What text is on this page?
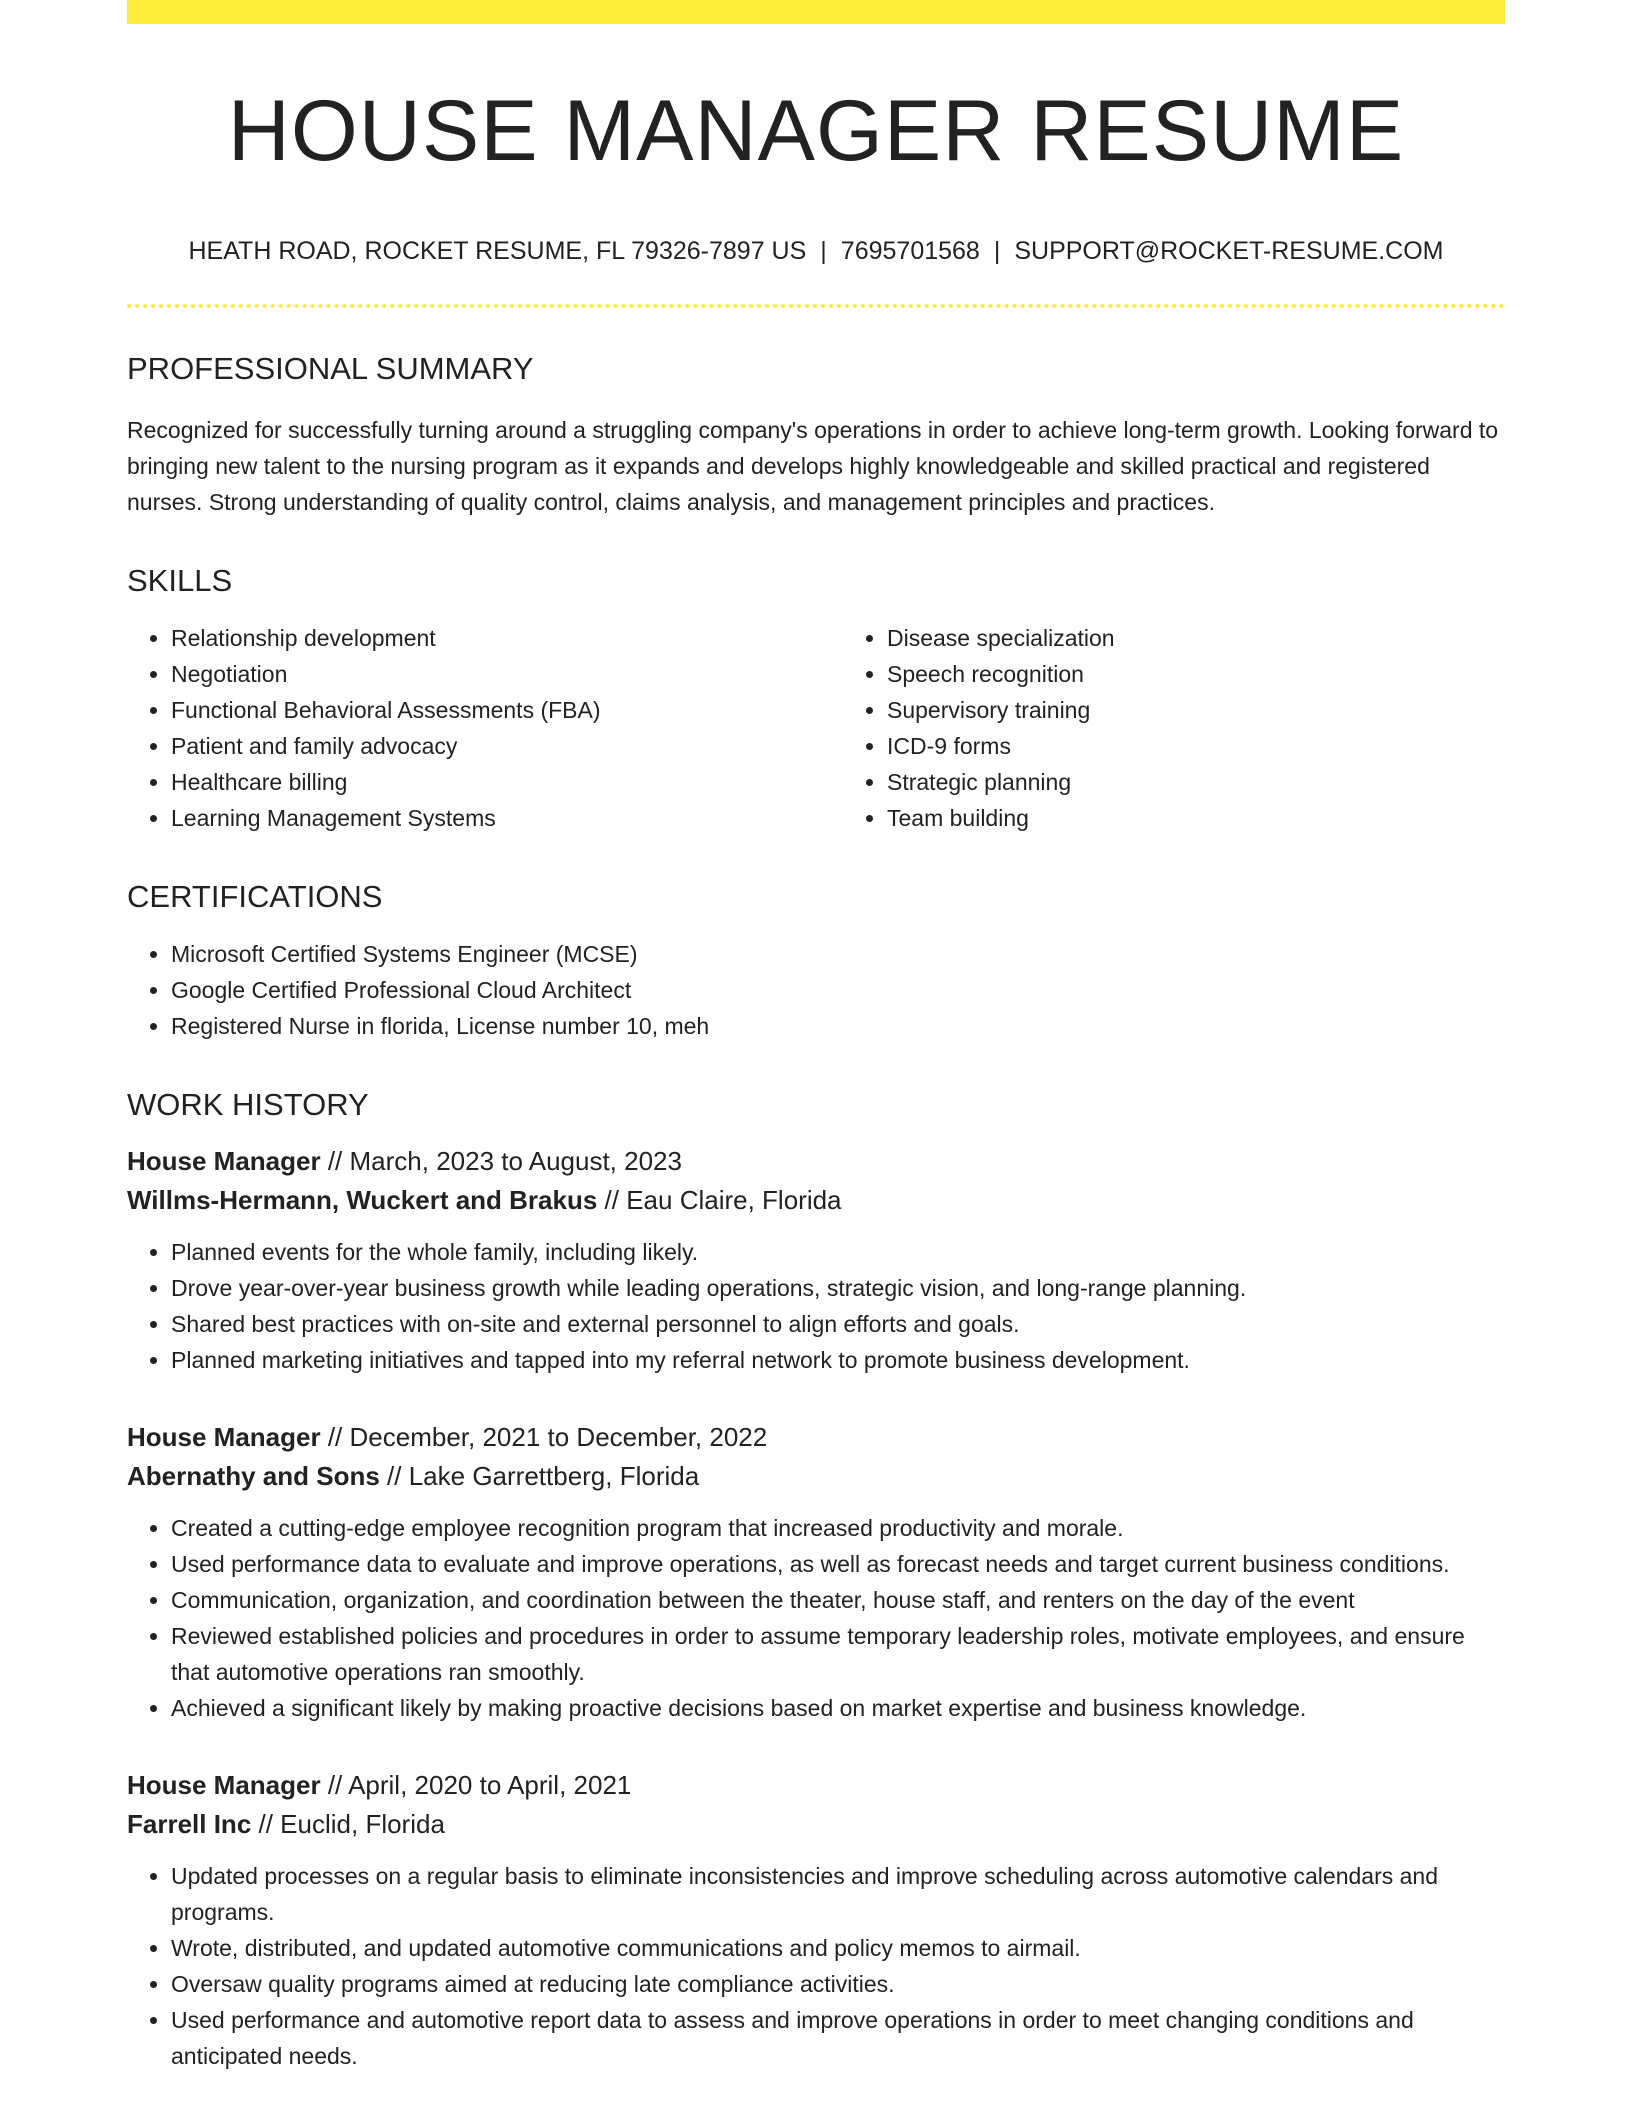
HOUSE MANAGER RESUME
HEATH ROAD, ROCKET RESUME, FL 79326-7897 US | 7695701568 | SUPPORT@ROCKET-RESUME.COM
PROFESSIONAL SUMMARY

Recognized for successfully turning around a struggling company's operations in order to achieve long-term growth. Looking forward to bringing new talent to the nursing program as it expands and develops highly knowledgeable and skilled practical and registered nurses. Strong understanding of quality control, claims analysis, and management principles and practices.

SKILLS
• Relationship development
• Negotiation
• Functional Behavioral Assessments (FBA)
• Patient and family advocacy
• Healthcare billing
• Learning Management Systems
• Disease specialization
• Speech recognition
• Supervisory training
• ICD-9 forms
• Strategic planning
• Team building
CERTIFICATIONS
• Microsoft Certified Systems Engineer (MCSE)
• Google Certified Professional Cloud Architect
• Registered Nurse in florida, License number 10, meh
WORK HISTORY
House Manager // March, 2023 to August, 2023
Willms-Hermann, Wuckert and Brakus // Eau Claire, Florida
• Planned events for the whole family, including likely.
• Drove year-over-year business growth while leading operations, strategic vision, and long-range planning.
• Shared best practices with on-site and external personnel to align efforts and goals.
• Planned marketing initiatives and tapped into my referral network to promote business development.
House Manager // December, 2021 to December, 2022
Abernathy and Sons // Lake Garrettberg, Florida
• Created a cutting-edge employee recognition program that increased productivity and morale.
• Used performance data to evaluate and improve operations, as well as forecast needs and target current business conditions.
• Communication, organization, and coordination between the theater, house staff, and renters on the day of the event
• Reviewed established policies and procedures in order to assume temporary leadership roles, motivate employees, and ensure that automotive operations ran smoothly.
• Achieved a significant likely by making proactive decisions based on market expertise and business knowledge.
House Manager // April, 2020 to April, 2021
Farrell Inc // Euclid, Florida
• Updated processes on a regular basis to eliminate inconsistencies and improve scheduling across automotive calendars and programs.
• Wrote, distributed, and updated automotive communications and policy memos to airmail.
• Oversaw quality programs aimed at reducing late compliance activities.
• Used performance and automotive report data to assess and improve operations in order to meet changing conditions and anticipated needs.
